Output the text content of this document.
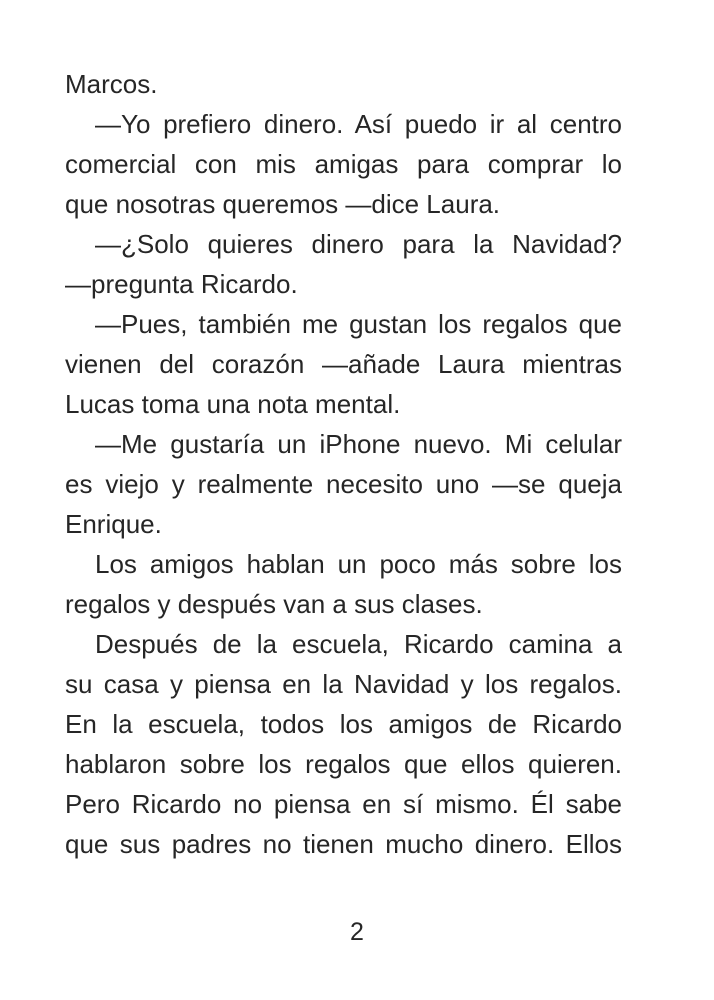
Marcos.
—Yo prefiero dinero. Así puedo ir al centro
comercial con mis amigas para comprar lo
que nosotras queremos —dice Laura.
—¿Solo quieres dinero para la Navidad?
—pregunta Ricardo.
—Pues, también me gustan los regalos que
vienen del corazón —añade Laura mientras
Lucas toma una nota mental.
—Me gustaría un iPhone nuevo. Mi celular
es viejo y realmente necesito uno —se queja
Enrique.
Los amigos hablan un poco más sobre los
regalos y después van a sus clases.
Después de la escuela, Ricardo camina a
su casa y piensa en la Navidad y los regalos.
En la escuela, todos los amigos de Ricardo
hablaron sobre los regalos que ellos quieren.
Pero Ricardo no piensa en sí mismo. Él sabe
que sus padres no tienen mucho dinero. Ellos
2
